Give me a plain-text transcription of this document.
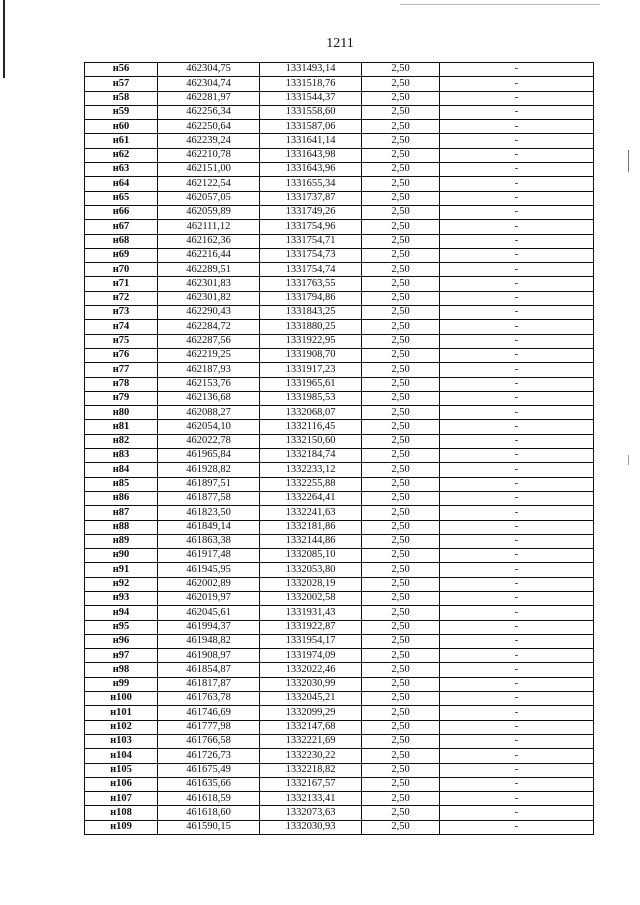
1211
н56	462304,75	1331493,14	2,50	-
н57	462304,74	1331518,76	2,50	-
н58	462281,97	1331544,37	2,50	-
н59	462256,34	1331558,60	2,50	-
н60	462250,64	1331587,06	2,50	-
н61	462239,24	1331641,14	2,50	-
н62	462210,78	1331643,98	2,50	-
н63	462151,00	1331643,96	2,50	-
н64	462122,54	1331655,34	2,50	-
н65	462057,05	1331737,87	2,50	-
н66	462059,89	1331749,26	2,50	-
н67	462111,12	1331754,96	2,50	-
н68	462162,36	1331754,71	2,50	-
н69	462216,44	1331754,73	2,50	-
н70	462289,51	1331754,74	2,50	-
н71	462301,83	1331763,55	2,50	-
н72	462301,82	1331794,86	2,50	-
н73	462290,43	1331843,25	2,50	-
н74	462284,72	1331880,25	2,50	-
н75	462287,56	1331922,95	2,50	-
н76	462219,25	1331908,70	2,50	-
н77	462187,93	1331917,23	2,50	-
н78	462153,76	1331965,61	2,50	-
н79	462136,68	1331985,53	2,50	-
н80	462088,27	1332068,07	2,50	-
н81	462054,10	1332116,45	2,50	-
н82	462022,78	1332150,60	2,50	-
н83	461965,84	1332184,74	2,50	-
н84	461928,82	1332233,12	2,50	-
н85	461897,51	1332255,88	2,50	-
н86	461877,58	1332264,41	2,50	-
н87	461823,50	1332241,63	2,50	-
н88	461849,14	1332181,86	2,50	-
н89	461863,38	1332144,86	2,50	-
н90	461917,48	1332085,10	2,50	-
н91	461945,95	1332053,80	2,50	-
н92	462002,89	1332028,19	2,50	-
н93	462019,97	1332002,58	2,50	-
н94	462045,61	1331931,43	2,50	-
н95	461994,37	1331922,87	2,50	-
н96	461948,82	1331954,17	2,50	-
н97	461908,97	1331974,09	2,50	-
н98	461854,87	1332022,46	2,50	-
н99	461817,87	1332030,99	2,50	-
н100	461763,78	1332045,21	2,50	-
н101	461746,69	1332099,29	2,50	-
н102	461777,98	1332147,68	2,50	-
н103	461766,58	1332221,69	2,50	-
н104	461726,73	1332230,22	2,50	-
н105	461675,49	1332218,82	2,50	-
н106	461635,66	1332167,57	2,50	-
н107	461618,59	1332133,41	2,50	-
н108	461618,60	1332073,63	2,50	-
н109	461590,15	1332030,93	2,50	-
